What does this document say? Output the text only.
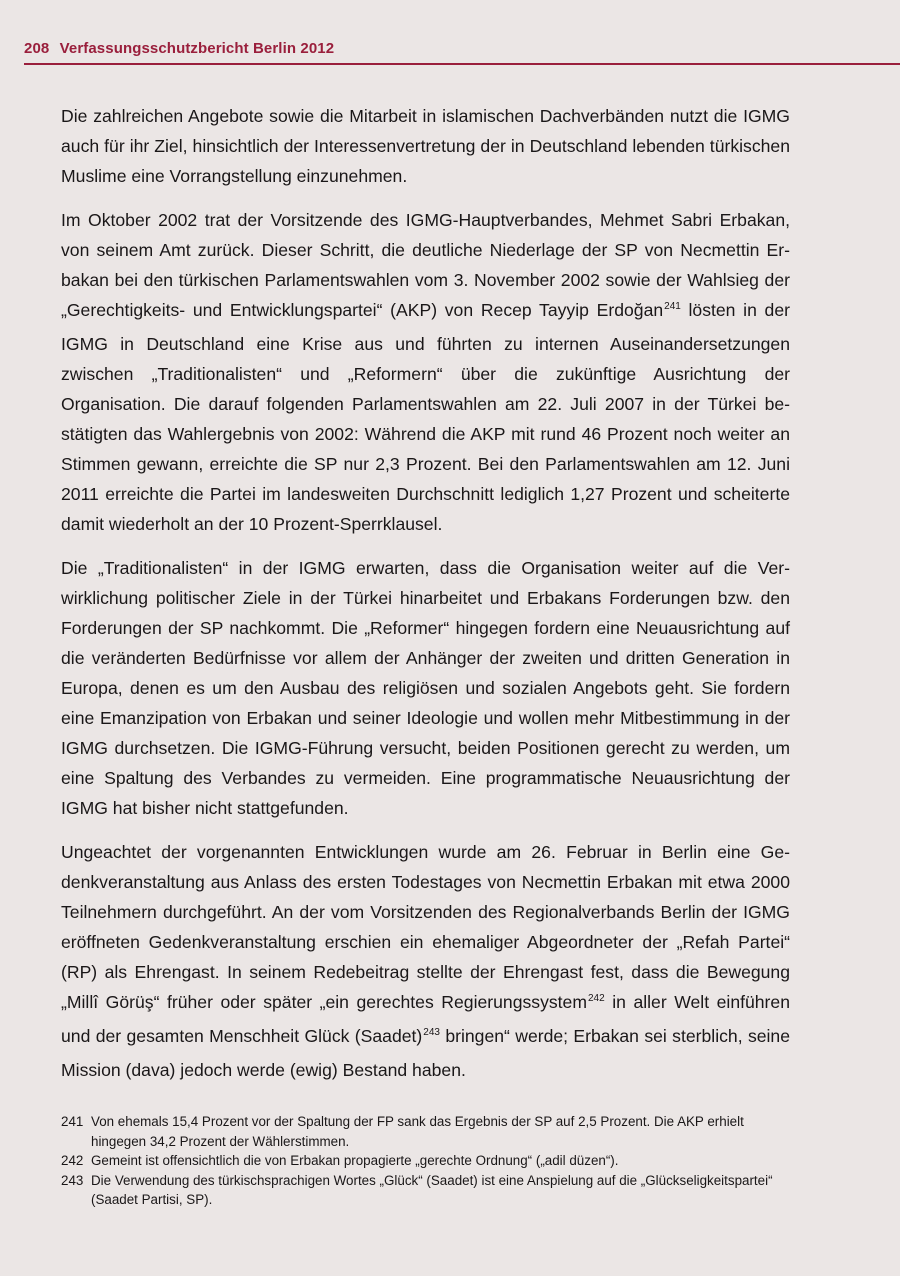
208 Verfassungsschutzbericht Berlin 2012

Die zahlreichen Angebote sowie die Mitarbeit in islamischen Dachverbänden nutzt die IGMG auch für ihr Ziel, hinsichtlich der Interessenvertretung der in Deutschland lebenden türkischen Muslime eine Vorrangstellung einzunehmen.

Im Oktober 2002 trat der Vorsitzende des IGMG-Hauptverbandes, Mehmet Sabri Erbakan, von seinem Amt zurück. Dieser Schritt, die deutliche Niederlage der SP von Necmettin Erbakan bei den türkischen Parlamentswahlen vom 3. November 2002 sowie der Wahlsieg der „Gerechtigkeits- und Entwicklungspartei“ (AKP) von Recep Tayyip Erdoğan$^{241}$ lösten in der IGMG in Deutschland eine Krise aus und führten zu internen Auseinandersetzungen zwischen „Traditionalisten“ und „Reformern“ über die zukünftige Ausrichtung der Organisation. Die darauf folgenden Parlamentswahlen am 22. Juli 2007 in der Türkei bestätigten das Wahlergebnis von 2002: Während die AKP mit rund 46 Prozent noch weiter an Stimmen gewann, erreichte die SP nur 2,3 Prozent. Bei den Parlamentswahlen am 12. Juni 2011 erreichte die Partei im landesweiten Durchschnitt lediglich 1,27 Prozent und scheiterte damit wiederholt an der 10 Prozent-Sperrklausel.

Die „Traditionalisten“ in der IGMG erwarten, dass die Organisation weiter auf die Verwirklichung politischer Ziele in der Türkei hinarbeitet und Erbakans Forderungen bzw. den Forderungen der SP nachkommt. Die „Reformer“ hingegen fordern eine Neuausrichtung auf die veränderten Bedürfnisse vor allem der Anhänger der zweiten und dritten Generation in Europa, denen es um den Ausbau des religiösen und sozialen Angebots geht. Sie fordern eine Emanzipation von Erbakan und seiner Ideologie und wollen mehr Mitbestimmung in der IGMG durchsetzen. Die IGMG-Führung versucht, beiden Positionen gerecht zu werden, um eine Spaltung des Verbandes zu vermeiden. Eine programmatische Neuausrichtung der IGMG hat bisher nicht stattgefunden.

Ungeachtet der vorgenannten Entwicklungen wurde am 26. Februar in Berlin eine Gedenkveranstaltung aus Anlass des ersten Todestages von Necmettin Erbakan mit etwa 2000 Teilnehmern durchgeführt. An der vom Vorsitzenden des Regionalverbands Berlin der IGMG eröffneten Gedenkveranstaltung erschien ein ehemaliger Abgeordneter der „Refah Partei“ (RP) als Ehrengast. In seinem Redebeitrag stellte der Ehrengast fest, dass die Bewegung „Millî Görüş“ früher oder später „ein gerechtes Regierungssystem$^{242}$ in aller Welt einführen und der gesamten Menschheit Glück $(Saadet)^{243}$ bringen“ werde; Erbakan sei sterblich, seine Mission (dava) jedoch werde (ewig) Bestand haben.

241 Von ehemals 15,4 Prozent vor der Spaltung der FP sank das Ergebnis der SP auf 2,5 Prozent. Die AKP erhielt hingegen 34,2 Prozent der Wählerstimmen.
242 Gemeint ist offensichtlich die von Erbakan propagierte „gerechte Ordnung“ („adil düzen“).
243 Die Verwendung des türkischsprachigen Wortes „Glück“ (Saadet) ist eine Anspielung auf die „Glückseligkeitspartei“ (Saadet Partisi, SP).
